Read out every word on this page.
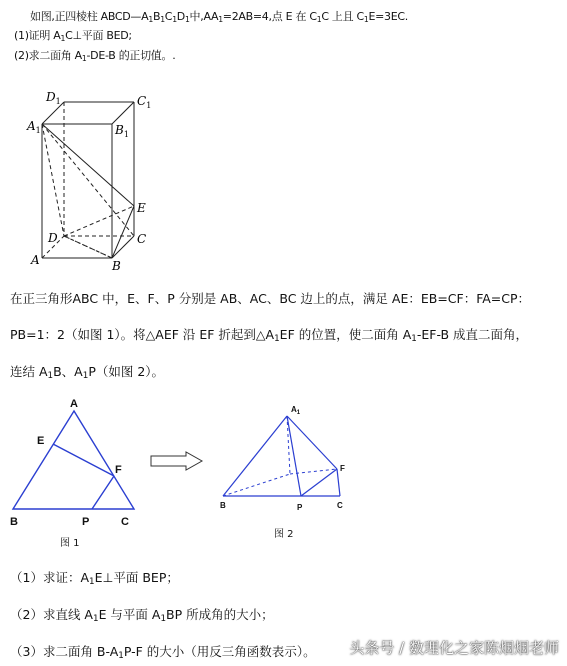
如图,正四棱柱 $ABCD—A_1B_1C_1D_1$中$,AA_1=2AB=4$,点 E 在 $C_1C$ 上且 $C_1E=3EC$.
(1)证明 $A_1C\perp$平面 BED;
(2)求二面角 $A_1-DE-B$ 的正切值。.
$D_1$	$C_1$
$A_1$	$B_1$
E
D	C
A	B
在正三角形ABC 中，E、F、P 分别是 AB、AC、BC 边上的点，满足 AE：EB=CF：FA=CP：
PB=1：2（如图 1）。将△AEF 沿 EF 折起到$\triangle A_1EF$ 的位置，使二面角 $A_1-EF-B$ 成直二面角，
连结 $A_1B$、$A_1P$（如图 2）。
A
E
F
B	P	C
图 1
$A_1$
F
B	P	C
图 2
（1）求证：$A_1E\perp$平面 BEP；
（2）求直线 $A_1E$ 与平面 $A_1BP$ 所成角的大小；
（3）求二面角 $B-A_1P-F$ 的大小（用反三角函数表示）。 头条号 / 数理化之家陈烟烟老师
